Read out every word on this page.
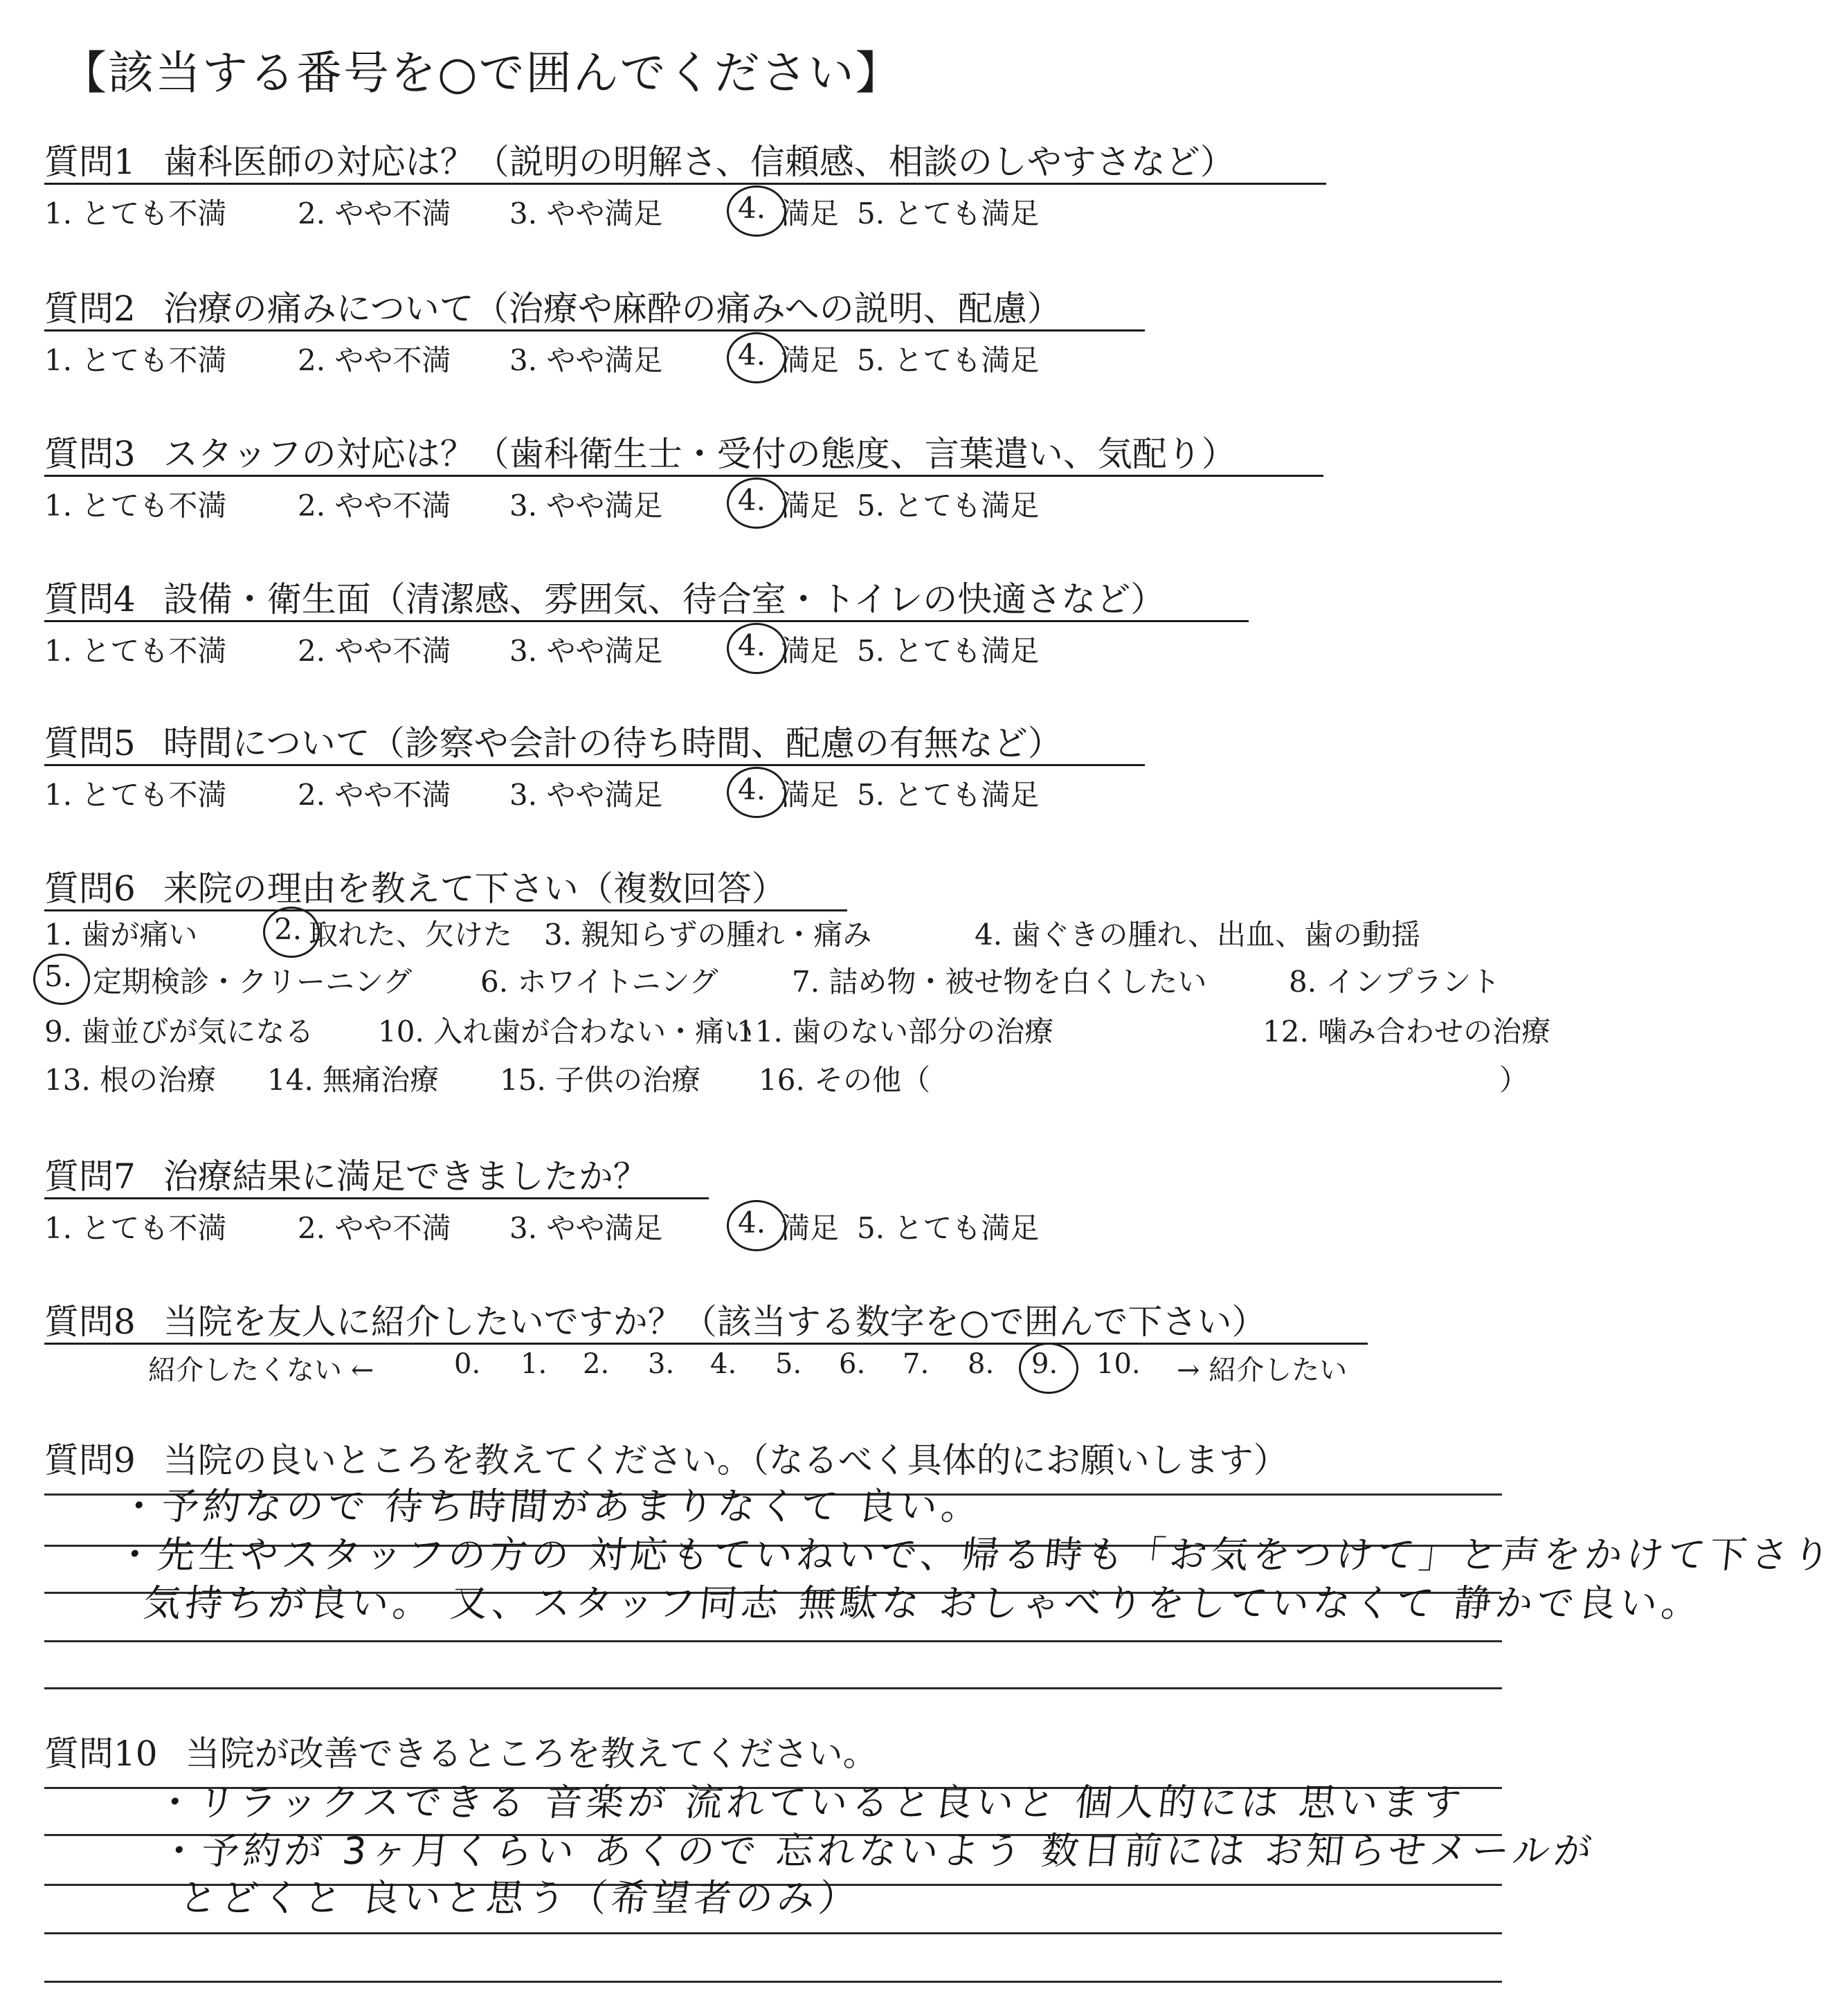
【該当する番号を○で囲んでください】
質問1 歯科医師の対応は？（説明の明解さ、信頼感、相談のしやすさなど）
1. とても不満 2. やや不満 3. やや満足	4. 満足 5. とても満足
質問2 治療の痛みについて（治療や麻酔の痛みへの説明、配慮）
1. とても不満 2. やや不満 3. やや満足	4. 満足 5. とても満足
質問3 スタッフの対応は？（歯科衛生士・受付の態度、言葉遣い、気配り）
1. とても不満 2. やや不満 3. やや満足	4. 満足 5. とても満足
質問4 設備・衛生面（清潔感、雰囲気、待合室・トイレの快適さなど）
1. とても不満 2. やや不満 3. やや満足	4. 満足 5. とても満足
質問5 時間について（診察や会計の待ち時間、配慮の有無など）
1. とても不満 2. やや不満 3. やや満足	4. 満足 5. とても満足
質問6 来院の理由を教えて下さい（複数回答）
1. 歯が痛い	2. 取れた、欠けた 3. 親知らずの腫れ・痛み	4. 歯ぐきの腫れ、出血、歯の動揺
5. 定期検診・クリーニング 6. ホワイトニング	7. 詰め物・被せ物を白くしたい	8. インプラント
9. 歯並びが気になる 10. 入れ歯が合わない・痛い
11. 歯のない部分の治療	12. 噛み合わせの治療
13. 根の治療 14. 無痛治療 15. 子供の治療 16. その他（	）
質問7 治療結果に満足できましたか？
1. とても不満 2. やや不満 3. やや満足	4. 満足 5. とても満足
質問8 当院を友人に紹介したいですか？（該当する数字を○で囲んで下さい）
紹介したくない ←	0. 1. 2. 3. 4. 5. 6. 7. 8. 9. 10. → 紹介したい
質問9 当院の良いところを教えてください。（なるべく具体的にお願いします）
・予約なので 待ち時間があまりなくて 良い。
・先生やスタッフの方の 対応もていねいで、帰る時も「お気をつけて」と声をかけて下さり
気持ちが良い。 又、スタッフ同志 無駄な おしゃべりをしていなくて 静かで良い。
質問10 当院が改善できるところを教えてください。
・リラックスできる 音楽が 流れていると良いと 個人的には 思います
・予約が 3ヶ月くらい あくので 忘れないよう 数日前には お知らせメールが
とどくと 良いと思う（希望者のみ）
